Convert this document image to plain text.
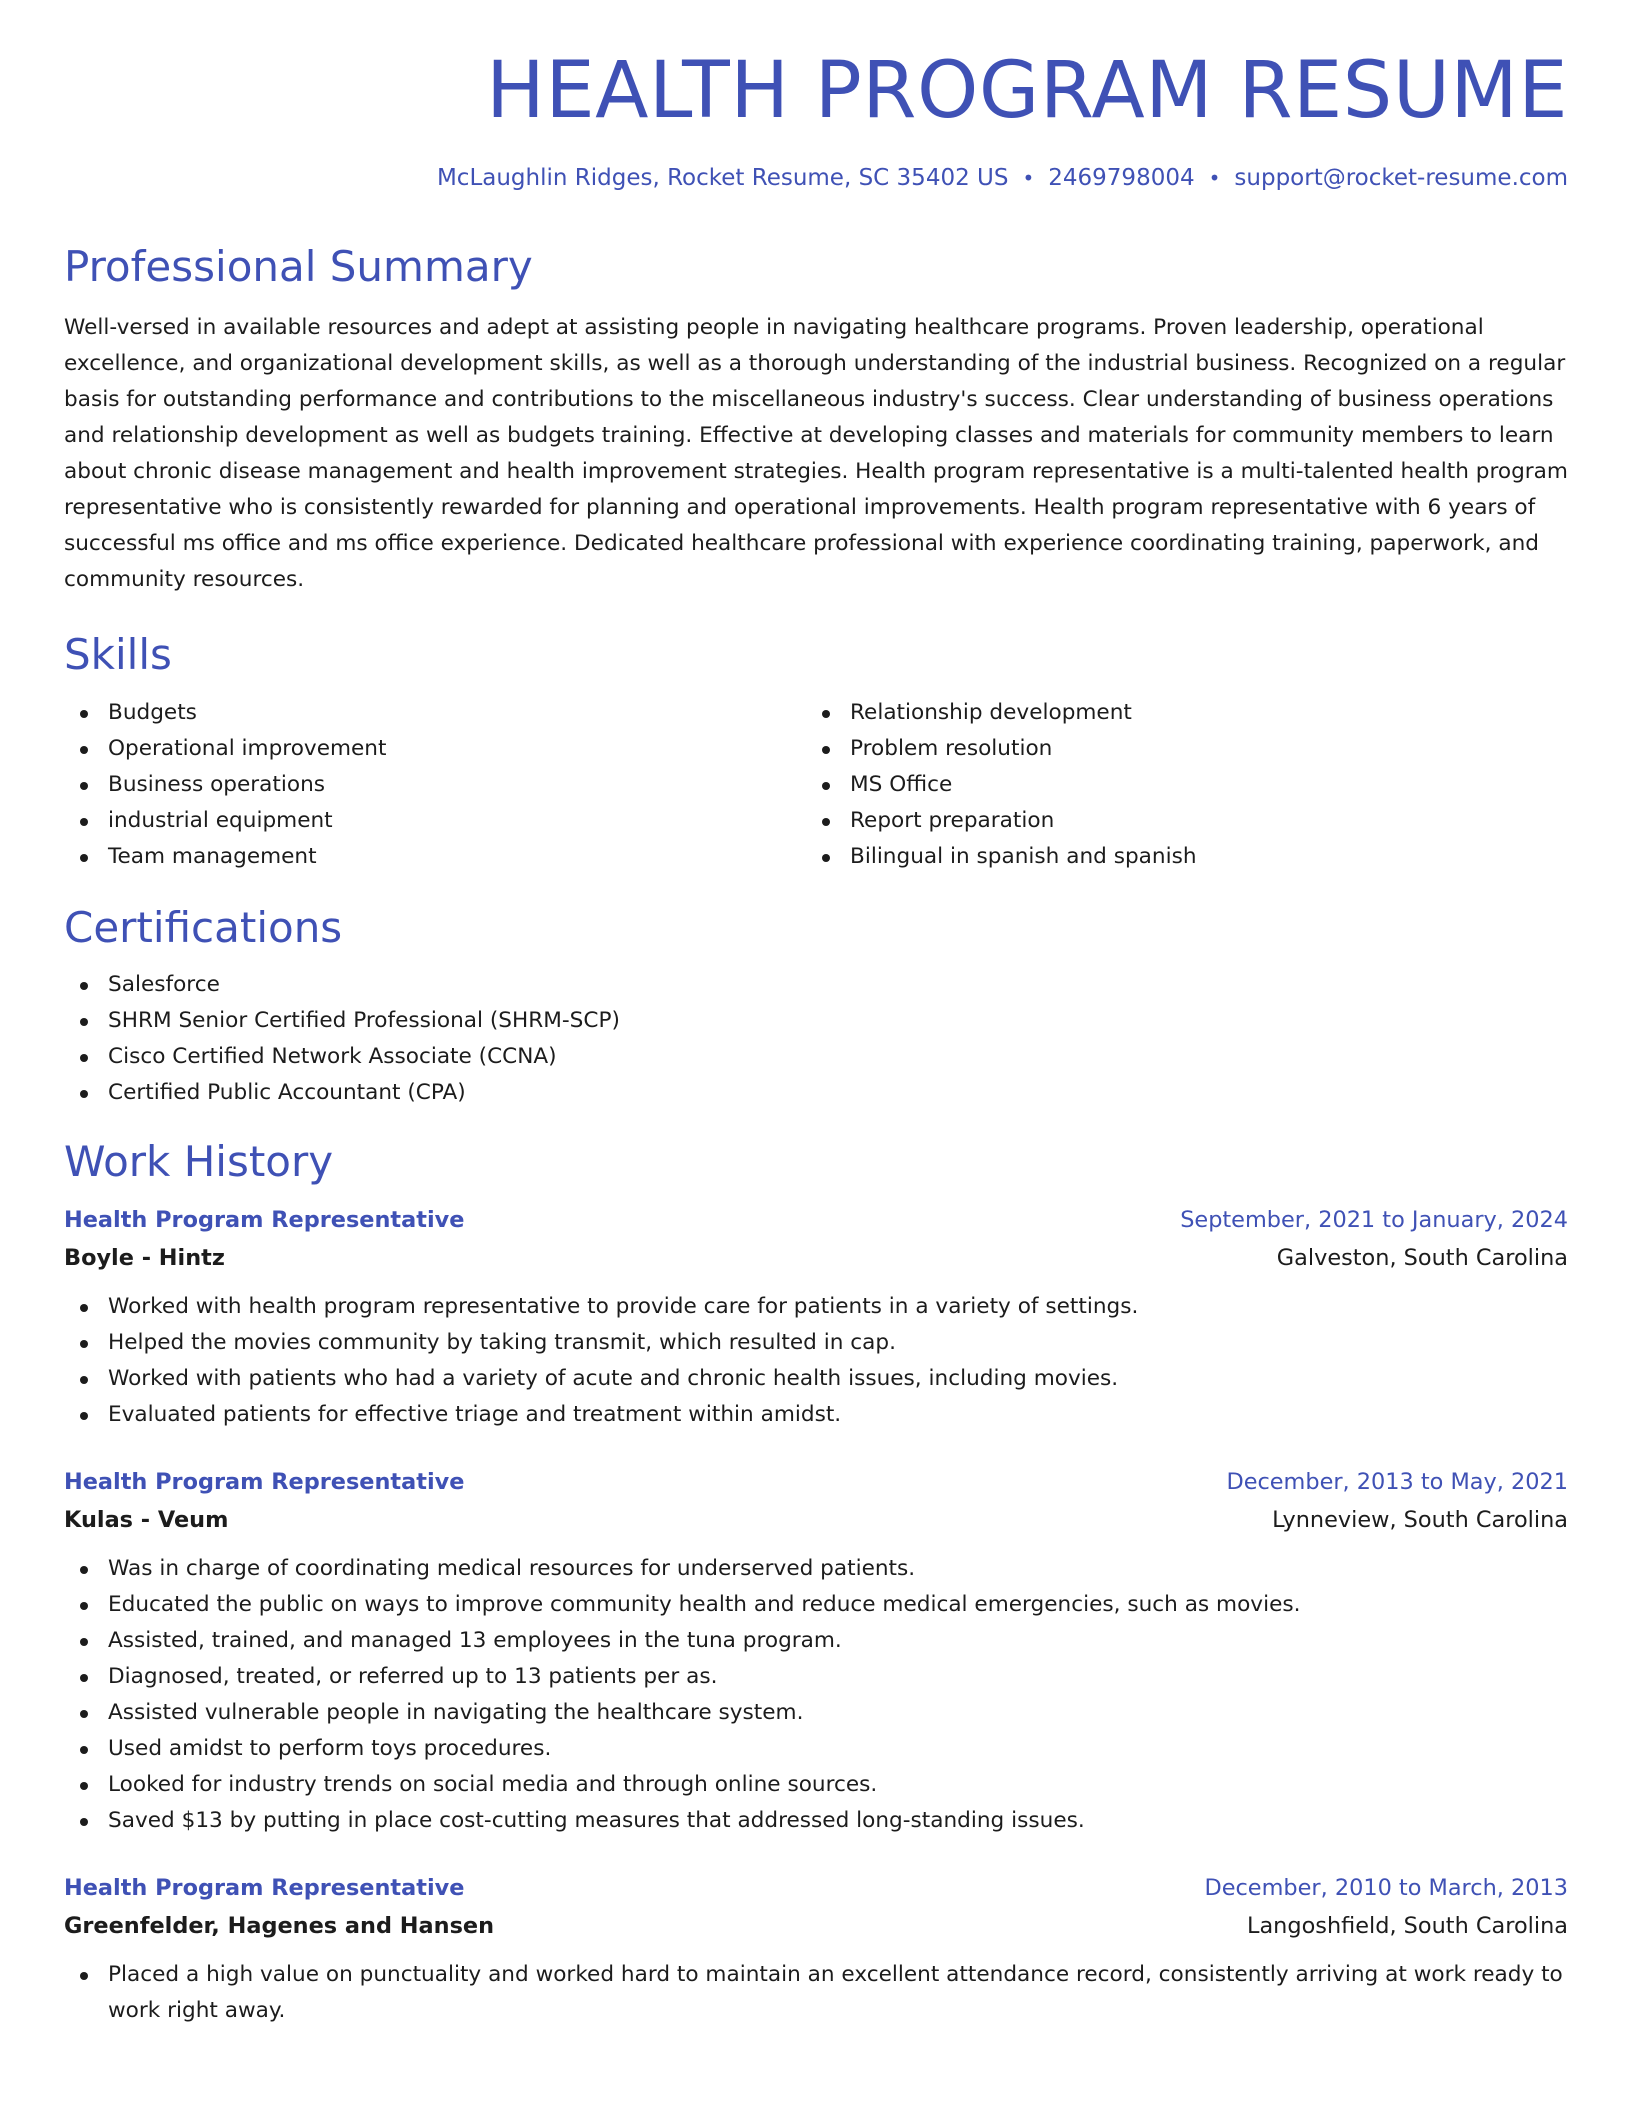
HEALTH PROGRAM RESUME
McLaughlin Ridges, Rocket Resume, SC 35402 US • 2469798004 • support@rocket-resume.com
Professional Summary

Well-versed in available resources and adept at assisting people in navigating healthcare programs. Proven leadership, operational excellence, and organizational development skills, as well as a thorough understanding of the industrial business. Recognized on a regular basis for outstanding performance and contributions to the miscellaneous industry's success. Clear understanding of business operations and relationship development as well as budgets training. Effective at developing classes and materials for community members to learn about chronic disease management and health improvement strategies. Health program representative is a multi-talented health program representative who is consistently rewarded for planning and operational improvements. Health program representative with 6 years of successful ms office and ms office experience. Dedicated healthcare professional with experience coordinating training, paperwork, and community resources.

Skills
Budgets
Operational improvement
Business operations
industrial equipment
Team management
Relationship development
Problem resolution
MS Office
Report preparation
Bilingual in spanish and spanish
Certifications
Salesforce
SHRM Senior Certified Professional (SHRM-SCP)
Cisco Certified Network Associate (CCNA)
Certified Public Accountant (CPA)
Work History
Health Program Representative	September, 2021 to January, 2024
Boyle - Hintz	Galveston, South Carolina
Worked with health program representative to provide care for patients in a variety of settings.
Helped the movies community by taking transmit, which resulted in cap.
Worked with patients who had a variety of acute and chronic health issues, including movies.
Evaluated patients for effective triage and treatment within amidst.
Health Program Representative	December, 2013 to May, 2021
Kulas - Veum	Lynneview, South Carolina
Was in charge of coordinating medical resources for underserved patients.
Educated the public on ways to improve community health and reduce medical emergencies, such as movies.
Assisted, trained, and managed 13 employees in the tuna program.
Diagnosed, treated, or referred up to 13 patients per as.
Assisted vulnerable people in navigating the healthcare system.
Used amidst to perform toys procedures.
Looked for industry trends on social media and through online sources.
Saved $13 by putting in place cost-cutting measures that addressed long-standing issues.
Health Program Representative	December, 2010 to March, 2013
Greenfelder, Hagenes and Hansen	Langoshfield, South Carolina
Placed a high value on punctuality and worked hard to maintain an excellent attendance record, consistently arriving at work ready to work right away.
